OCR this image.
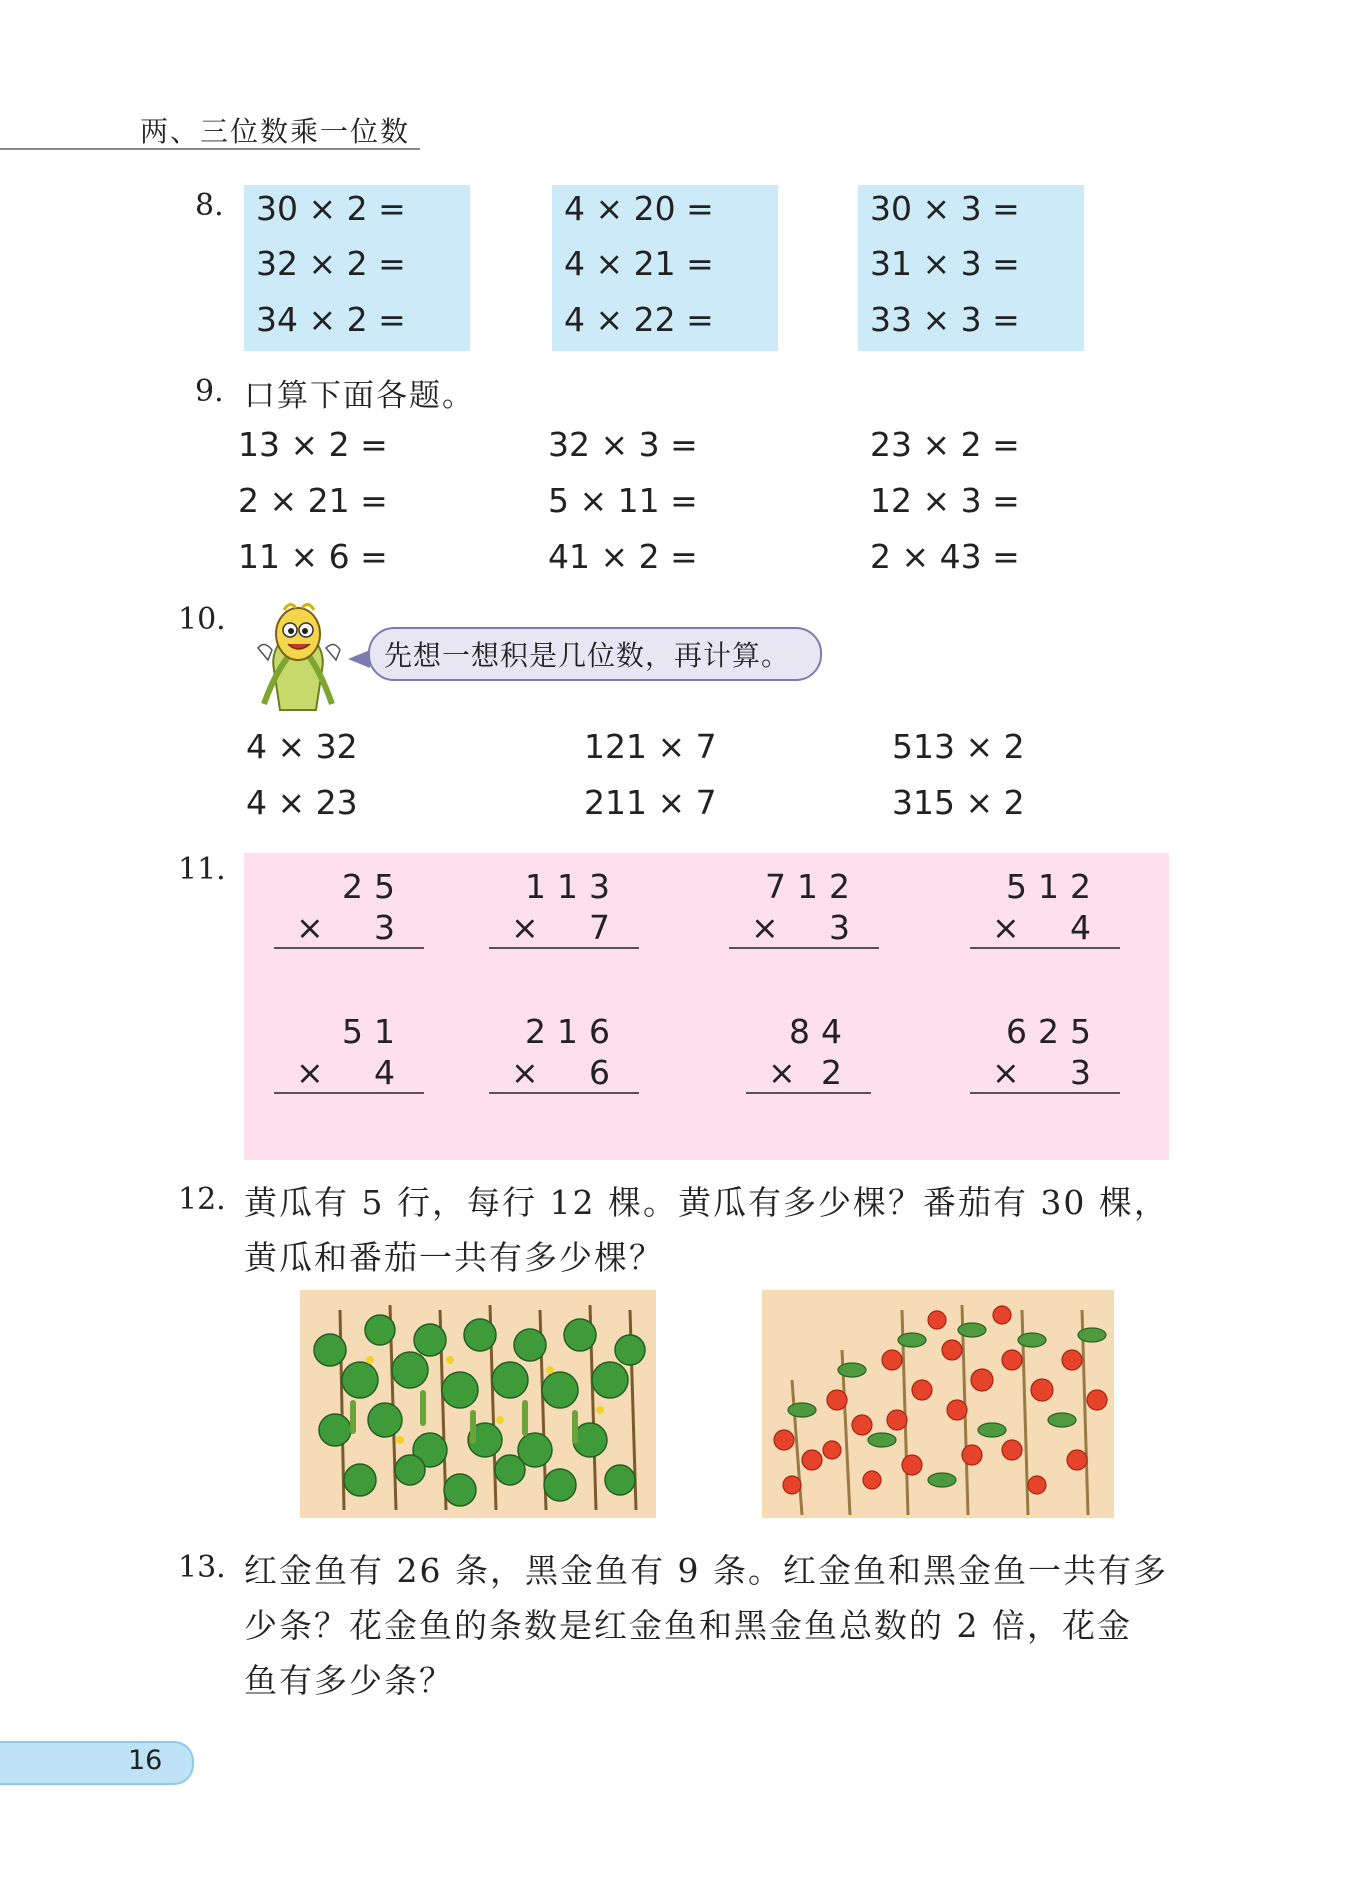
两、三位数乘一位数
8. 30 × 2 =
32 × 2 =
34 × 2 =
4 × 20 =
4 × 21 =
4 × 22 =
30 × 3 =
31 × 3 =
33 × 3 =
9. 口算下面各题。
13 × 2 =	32 × 3 =	23 × 2 =
2 × 21 =	5 × 11 =	12 × 3 =
11 × 6 =	41 × 2 =	2 × 43 =
10.
先想一想积是几位数，再计算。
4 × 32	121 × 7	513 × 2
4 × 23	211 × 7	315 × 2
11.	25
× 3
113
× 7
712
× 3
512
× 4
51
× 4
216
× 6
84
× 2
625
× 3
12. 黄瓜有 5 行，每行 12 棵。黄瓜有多少棵？番茄有 30 棵，
黄瓜和番茄一共有多少棵？
13. 红金鱼有 26 条，黑金鱼有 9 条。红金鱼和黑金鱼一共有多
少条？花金鱼的条数是红金鱼和黑金鱼总数的 2 倍，花金
鱼有多少条？
16
